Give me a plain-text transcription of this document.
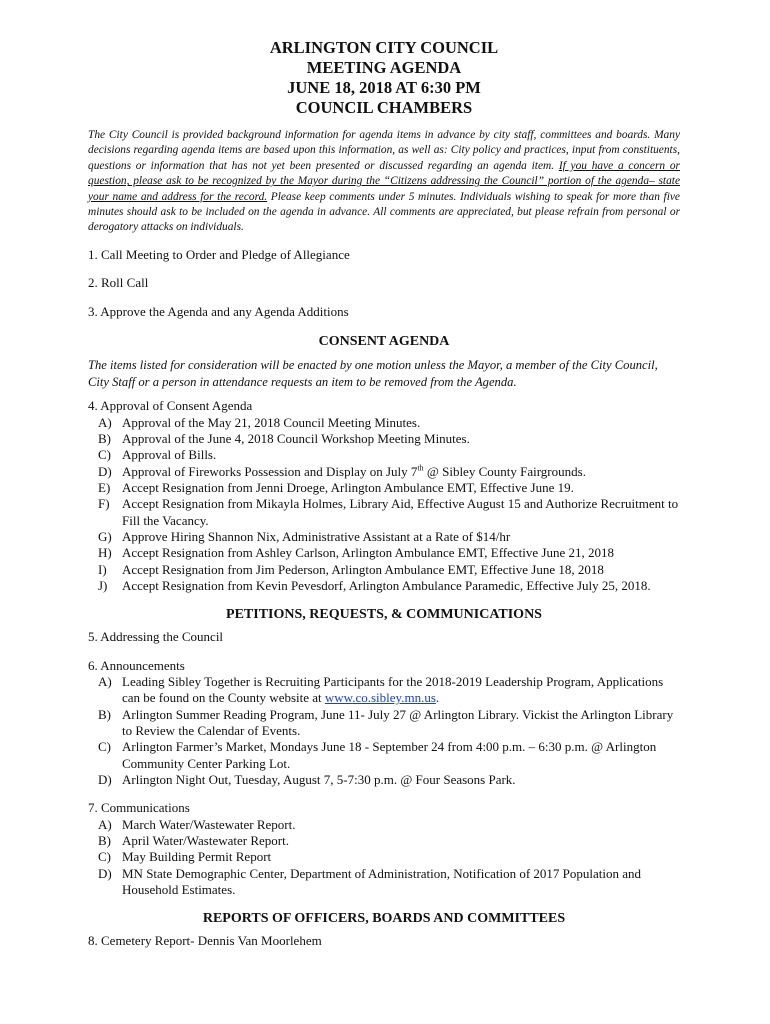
ARLINGTON CITY COUNCIL
MEETING AGENDA
JUNE 18, 2018 AT 6:30 PM
COUNCIL CHAMBERS
The City Council is provided background information for agenda items in advance by city staff, committees and boards. Many decisions regarding agenda items are based upon this information, as well as: City policy and practices, input from constituents, questions or information that has not yet been presented or discussed regarding an agenda item. If you have a concern or question, please ask to be recognized by the Mayor during the “Citizens addressing the Council” portion of the agenda– state your name and address for the record. Please keep comments under 5 minutes. Individuals wishing to speak for more than five minutes should ask to be included on the agenda in advance. All comments are appreciated, but please refrain from personal or derogatory attacks on individuals.
1. Call Meeting to Order and Pledge of Allegiance
2. Roll Call
3. Approve the Agenda and any Agenda Additions
CONSENT AGENDA
The items listed for consideration will be enacted by one motion unless the Mayor, a member of the City Council, City Staff or a person in attendance requests an item to be removed from the Agenda.
4. Approval of Consent Agenda
A) Approval of the May 21, 2018 Council Meeting Minutes.
B) Approval of the June 4, 2018 Council Workshop Meeting Minutes.
C) Approval of Bills.
D) Approval of Fireworks Possession and Display on July 7th @ Sibley County Fairgrounds.
E) Accept Resignation from Jenni Droege, Arlington Ambulance EMT, Effective June 19.
F) Accept Resignation from Mikayla Holmes, Library Aid, Effective August 15 and Authorize Recruitment to Fill the Vacancy.
G) Approve Hiring Shannon Nix, Administrative Assistant at a Rate of $14/hr
H) Accept Resignation from Ashley Carlson, Arlington Ambulance EMT, Effective June 21, 2018
I)	Accept Resignation from Jim Pederson, Arlington Ambulance EMT, Effective June 18, 2018
J)	Accept Resignation from Kevin Pevesdorf, Arlington Ambulance Paramedic, Effective July 25, 2018.
PETITIONS, REQUESTS, & COMMUNICATIONS
5. Addressing the Council
6. Announcements
A) Leading Sibley Together is Recruiting Participants for the 2018-2019 Leadership Program, Applications can be found on the County website at www.co.sibley.mn.us.
B) Arlington Summer Reading Program, June 11- July 27 @ Arlington Library. Vickist the Arlington Library to Review the Calendar of Events.
C) Arlington Farmer’s Market, Mondays June 18 - September 24 from 4:00 p.m. – 6:30 p.m. @ Arlington Community Center Parking Lot.
D) Arlington Night Out, Tuesday, August 7, 5-7:30 p.m. @ Four Seasons Park.
7. Communications
A) March Water/Wastewater Report.
B) April Water/Wastewater Report.
C) May Building Permit Report
D) MN State Demographic Center, Department of Administration, Notification of 2017 Population and Household Estimates.
REPORTS OF OFFICERS, BOARDS AND COMMITTEES
8. Cemetery Report- Dennis Van Moorlehem
